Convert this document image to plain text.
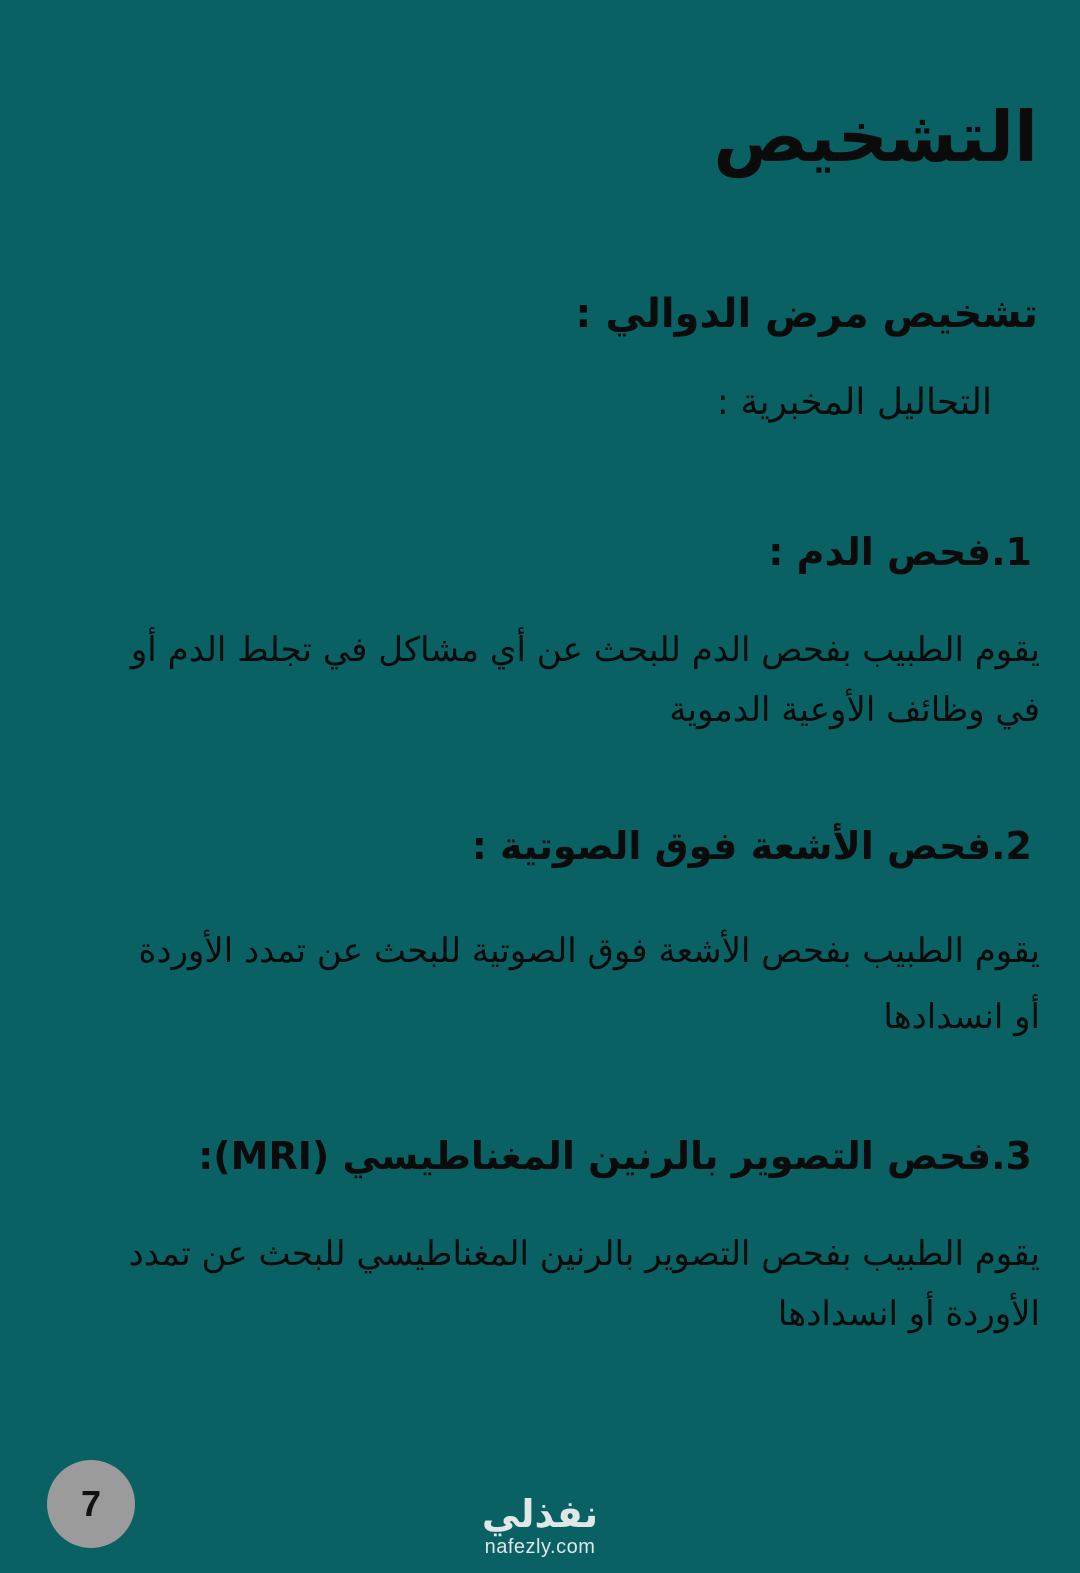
التشخيص
تشخيص مرض الدوالي :
التحاليل المخبرية :
1.فحص الدم :

يقوم الطبيب بفحص الدم للبحث عن أي مشاكل في تجلط الدم أو في وظائف الأوعية الدموية

2.فحص الأشعة فوق الصوتية :

يقوم الطبيب بفحص الأشعة فوق الصوتية للبحث عن تمدد الأوردة أو انسدادها

3.فحص التصوير بالرنين المغناطيسي (MRI):

يقوم الطبيب بفحص التصوير بالرنين المغناطيسي للبحث عن تمدد الأوردة أو انسدادها

7	نفذلي
nafezly.com
